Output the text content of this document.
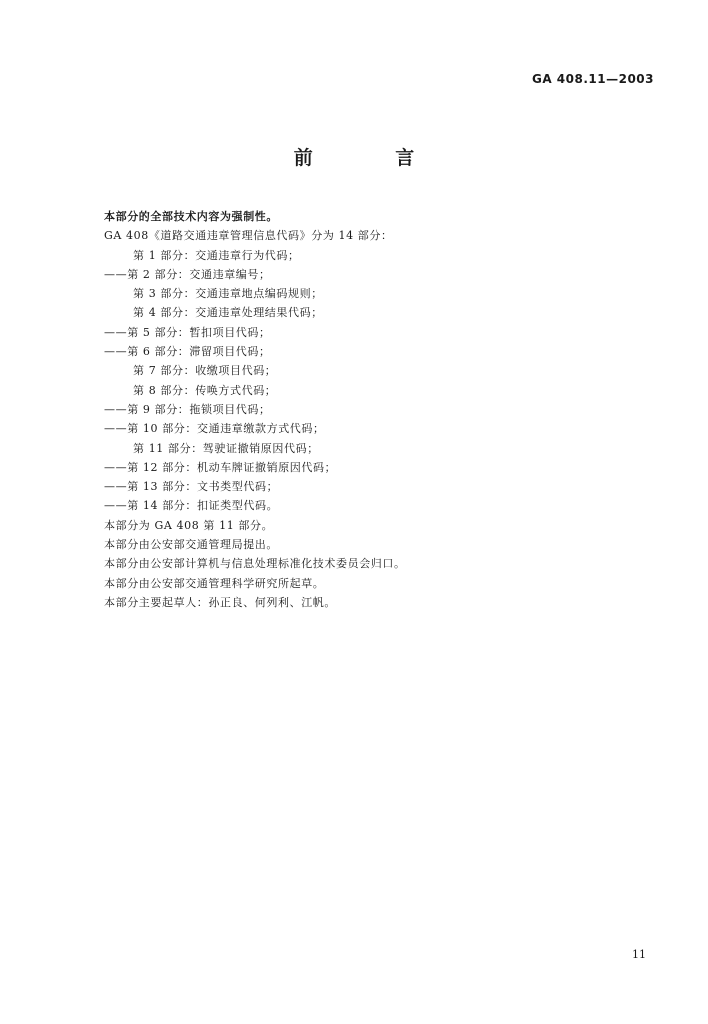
GA 408.11—2003
前 言
本部分的全部技术内容为强制性。
GA 408《道路交通违章管理信息代码》分为 14 部分：
第 1 部分：交通违章行为代码；
——第 2 部分：交通违章编号；
第 3 部分：交通违章地点编码规则；
第 4 部分：交通违章处理结果代码；
——第 5 部分：暂扣项目代码；
——第 6 部分：滞留项目代码；
第 7 部分：收缴项目代码；
第 8 部分：传唤方式代码；
——第 9 部分：拖锁项目代码；
——第 10 部分：交通违章缴款方式代码；
第 11 部分：驾驶证撤销原因代码；
——第 12 部分：机动车牌证撤销原因代码；
——第 13 部分：文书类型代码；
——第 14 部分：扣证类型代码。
本部分为 GA 408 第 11 部分。
本部分由公安部交通管理局提出。
本部分由公安部计算机与信息处理标准化技术委员会归口。
本部分由公安部交通管理科学研究所起草。
本部分主要起草人：孙正良、何列利、江帆。
11
